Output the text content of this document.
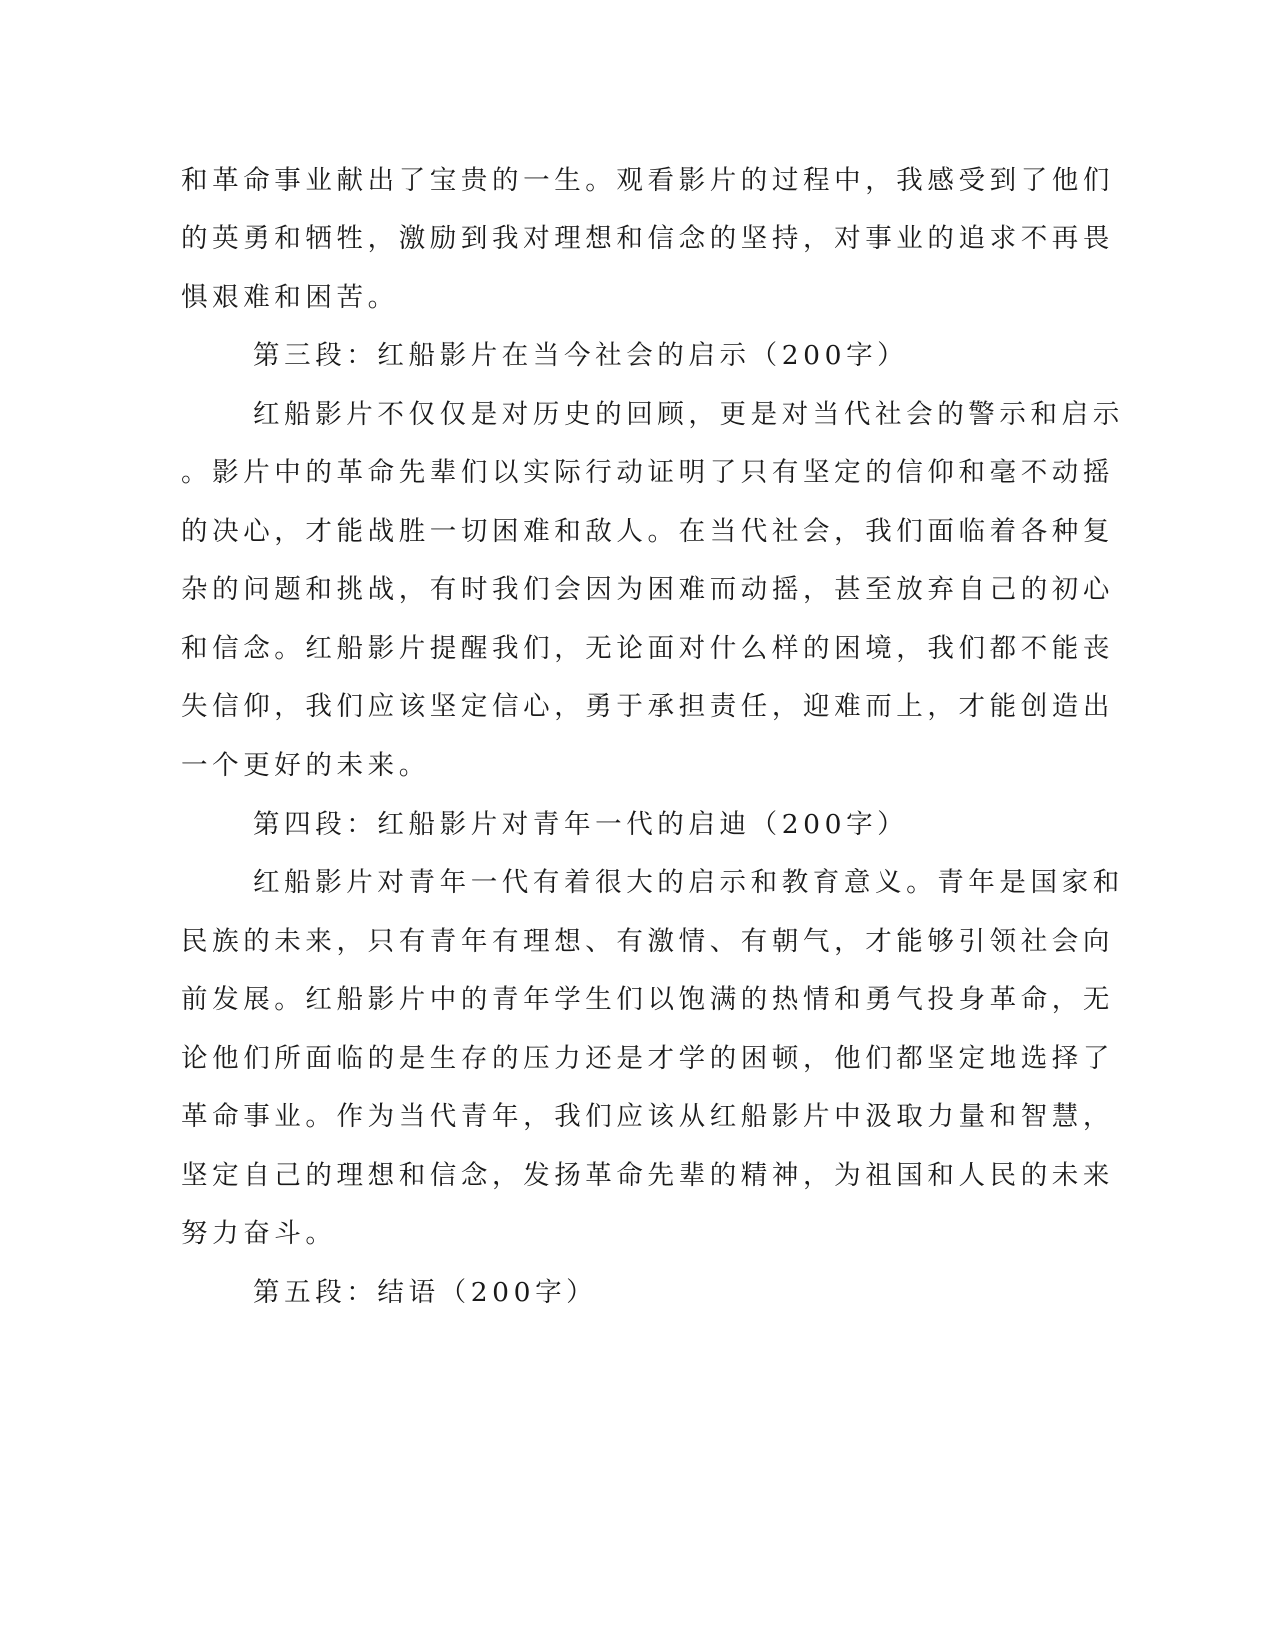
和革命事业献出了宝贵的一生。观看影片的过程中，我感受到了他们
的英勇和牺牲，激励到我对理想和信念的坚持，对事业的追求不再畏
惧艰难和困苦。
第三段：红船影片在当今社会的启示（200字）
红船影片不仅仅是对历史的回顾，更是对当代社会的警示和启示
。影片中的革命先辈们以实际行动证明了只有坚定的信仰和毫不动摇
的决心，才能战胜一切困难和敌人。在当代社会，我们面临着各种复
杂的问题和挑战，有时我们会因为困难而动摇，甚至放弃自己的初心
和信念。红船影片提醒我们，无论面对什么样的困境，我们都不能丧
失信仰，我们应该坚定信心，勇于承担责任，迎难而上，才能创造出
一个更好的未来。
第四段：红船影片对青年一代的启迪（200字）
红船影片对青年一代有着很大的启示和教育意义。青年是国家和
民族的未来，只有青年有理想、有激情、有朝气，才能够引领社会向
前发展。红船影片中的青年学生们以饱满的热情和勇气投身革命，无
论他们所面临的是生存的压力还是才学的困顿，他们都坚定地选择了
革命事业。作为当代青年，我们应该从红船影片中汲取力量和智慧，
坚定自己的理想和信念，发扬革命先辈的精神，为祖国和人民的未来
努力奋斗。
第五段：结语（200字）
